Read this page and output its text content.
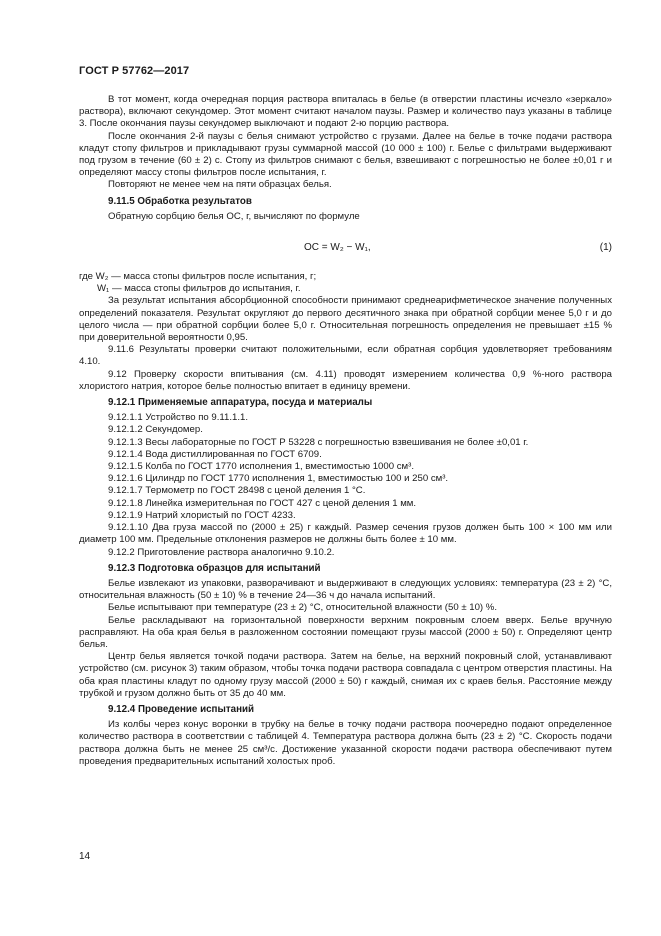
ГОСТ Р 57762—2017

В тот момент, когда очередная порция раствора впиталась в белье (в отверстии пластины исчезло «зеркало» раствора), включают секундомер. Этот момент считают началом паузы. Размер и количество пауз указаны в таблице 3. После окончания паузы секундомер выключают и подают 2-ю порцию раствора.

После окончания 2-й паузы с белья снимают устройство с грузами. Далее на белье в точке подачи раствора кладут стопу фильтров и прикладывают грузы суммарной массой (10 000 ± 100) г. Белье с фильтрами выдерживают под грузом в течение (60 ± 2) с. Стопу из фильтров снимают с белья, взвешивают с погрешностью не более ±0,01 г и определяют массу стопы фильтров после испытания, г.

Повторяют не менее чем на пяти образцах белья.

9.11.5 Обработка результатов

Обратную сорбцию белья ОС, г, вычисляют по формуле

ОС = W₂ − W₁,	(1)

где W₂ — масса стопы фильтров после испытания, г;

W₁ — масса стопы фильтров до испытания, г.

За результат испытания абсорбционной способности принимают среднеарифметическое значение полученных определений показателя. Результат округляют до первого десятичного знака при обратной сорбции менее 5,0 г и до целого числа — при обратной сорбции более 5,0 г. Относительная погрешность определения не превышает ±15 % при доверительной вероятности 0,95.

9.11.6 Результаты проверки считают положительными, если обратная сорбция удовлетворяет требованиям 4.10.

9.12 Проверку скорости впитывания (см. 4.11) проводят измерением количества 0,9 %-ного раствора хлористого натрия, которое белье полностью впитает в единицу времени.

9.12.1 Применяемые аппаратура, посуда и материалы

9.12.1.1 Устройство по 9.11.1.1.

9.12.1.2 Секундомер.

9.12.1.3 Весы лабораторные по ГОСТ Р 53228 с погрешностью взвешивания не более ±0,01 г.

9.12.1.4 Вода дистиллированная по ГОСТ 6709.

9.12.1.5 Колба по ГОСТ 1770 исполнения 1, вместимостью 1000 см³.

9.12.1.6 Цилиндр по ГОСТ 1770 исполнения 1, вместимостью 100 и 250 см³.

9.12.1.7 Термометр по ГОСТ 28498 с ценой деления 1 °С.

9.12.1.8 Линейка измерительная по ГОСТ 427 с ценой деления 1 мм.

9.12.1.9 Натрий хлористый по ГОСТ 4233.

9.12.1.10 Два груза массой по (2000 ± 25) г каждый. Размер сечения грузов должен быть 100 × 100 мм или диаметр 100 мм. Предельные отклонения размеров не должны быть более ± 10 мм.

9.12.2 Приготовление раствора аналогично 9.10.2.

9.12.3 Подготовка образцов для испытаний

Белье извлекают из упаковки, разворачивают и выдерживают в следующих условиях: температура (23 ± 2) °С, относительная влажность (50 ± 10) % в течение 24—36 ч до начала испытаний.

Белье испытывают при температуре (23 ± 2) °С, относительной влажности (50 ± 10) %.

Белье раскладывают на горизонтальной поверхности верхним покровным слоем вверх. Белье вручную расправляют. На оба края белья в разложенном состоянии помещают грузы массой (2000 ± 50) г. Определяют центр белья.

Центр белья является точкой подачи раствора. Затем на белье, на верхний покровный слой, устанавливают устройство (см. рисунок 3) таким образом, чтобы точка подачи раствора совпадала с центром отверстия пластины. На оба края пластины кладут по одному грузу массой (2000 ± 50) г каждый, снимая их с краев белья. Расстояние между трубкой и грузом должно быть от 35 до 40 мм.

9.12.4 Проведение испытаний

Из колбы через конус воронки в трубку на белье в точку подачи раствора поочередно подают определенное количество раствора в соответствии с таблицей 4. Температура раствора должна быть (23 ± 2) °С. Скорость подачи раствора должна быть не менее 25 см³/с. Достижение указанной скорости подачи раствора обеспечивают путем проведения предварительных испытаний холостых проб.

14
